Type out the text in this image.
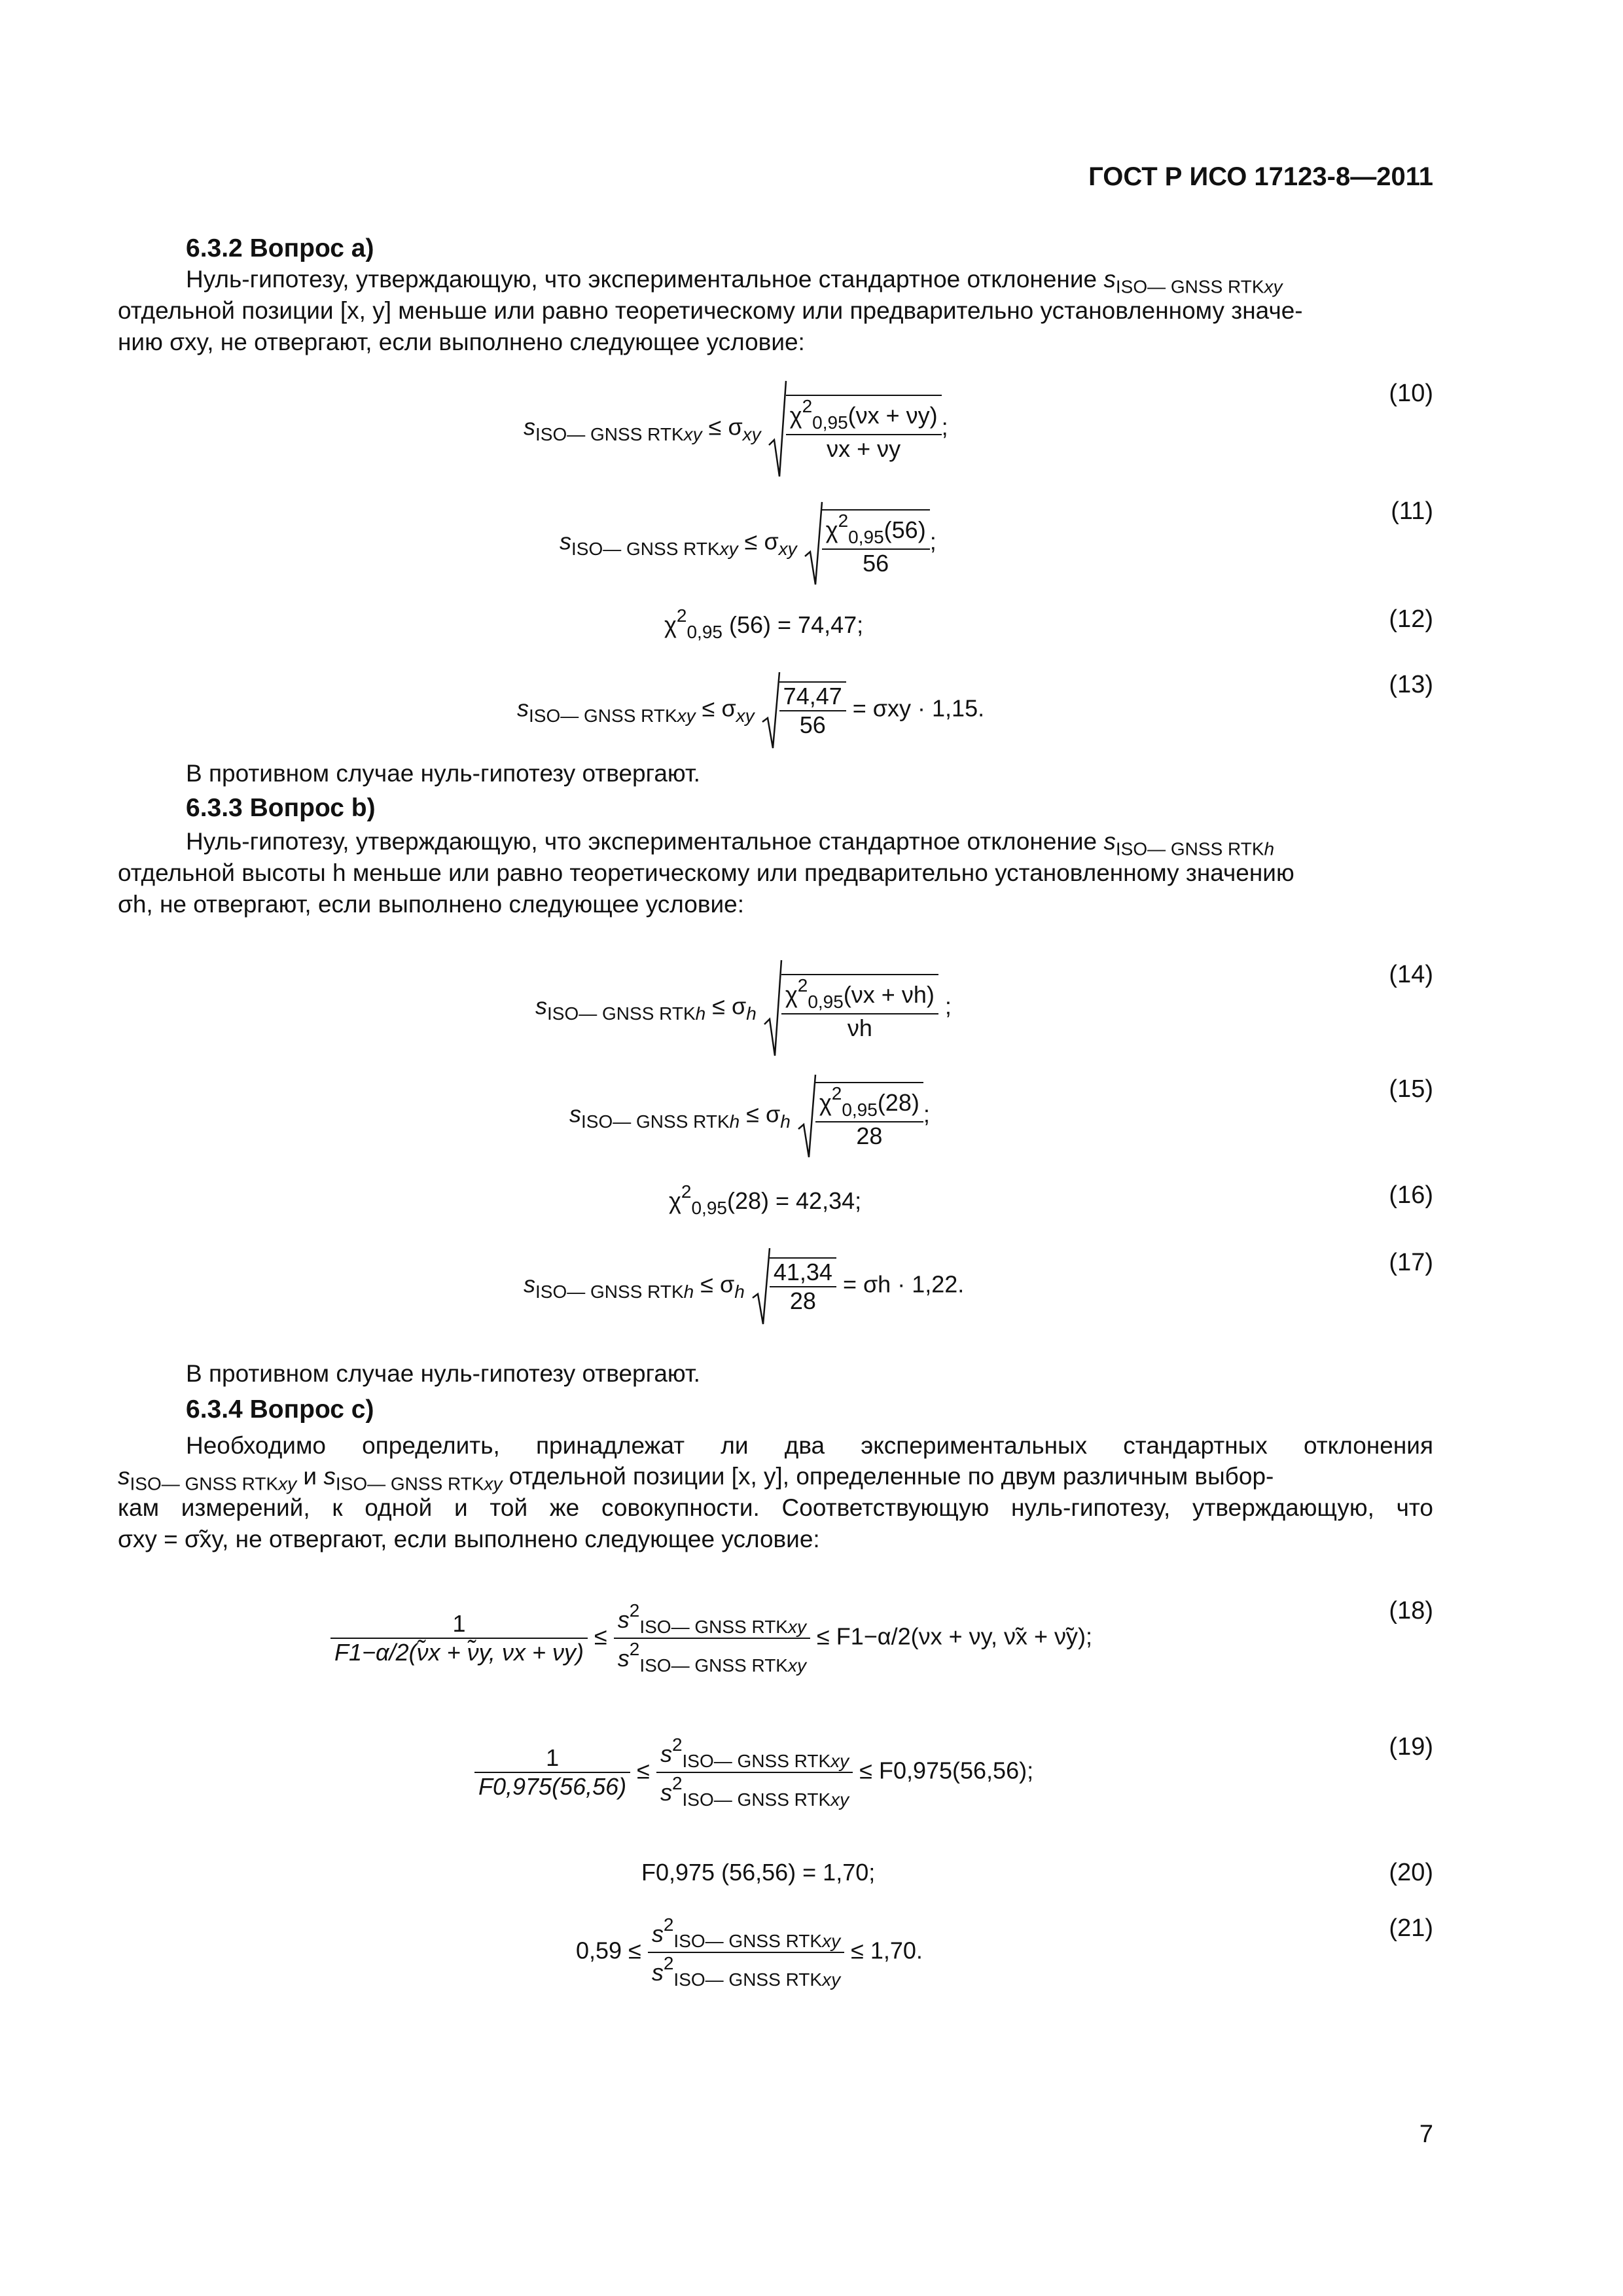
ГОСТ Р ИСО 17123-8—2011
6.3.2 Вопрос а)
Нуль-гипотезу, утверждающую, что экспериментальное стандартное отклонение $s_{ISO— GNSS RTKxy}$
отдельной позиции [x, y] меньше или равно теоретическому или предварительно установленному значе-
нию σxy, не отвергают, если выполнено следующее условие:
$s_{ISO— GNSS RTKxy} \le \sigma_{xy} \frac{\chi^2_{0,95}(\nu x + \nu y)}{\nu x + \nu y}$ ;
(10)
$s_{ISO— GNSS RTKxy} \le \sigma_{xy} \frac{\chi^2_{0,95}(56)}{56}$ ;
(11)
$\chi^2_{0,95}$ (56) = 74,47;	(12)
$s_{ISO— GNSS RTKxy} \le \sigma_{xy} \frac{74,47}{56} = \sigma xy \cdot 1,15$.
(13)
В противном случае нуль-гипотезу отвергают.
6.3.3 Вопрос b)
Нуль-гипотезу, утверждающую, что экспериментальное стандартное отклонение $s_{ISO— GNSS RTKh}$
отдельной высоты h меньше или равно теоретическому или предварительно установленному значению
σh, не отвергают, если выполнено следующее условие:
$s_{ISO— GNSS RTKh} \le \sigma_h \frac{\chi^2_{0,95}(\nu x + \nu h)}{\nu h}$ ;
(14)
$s_{ISO— GNSS RTKh} \le \sigma_h \frac{\chi^2_{0,95}(28)}{28}$ ;
(15)
$\chi^2_{0,95}(28) = 42,34$;	(16)
$s_{ISO— GNSS RTKh} \le \sigma_h \frac{41,34}{28} = \sigma h \cdot 1,22$.
(17)
В противном случае нуль-гипотезу отвергают.
6.3.4 Вопрос с)
Необходимо определить, принадлежат ли два экспериментальных стандартных отклонения
$s_{ISO— GNSS RTKxy}$ и $s_{ISO— GNSS RTKxy}$ отдельной позиции [x, y], определенные по двум различным выбор-
кам измерений, к одной и той же совокупности. Соответствующую нуль-гипотезу, утверждающую, что
σxy = σ̃xy, не отвергают, если выполнено следующее условие:
$\frac{1}{F1-\alpha/2(\nũx + \nũy, \nu x + \nu y)} \le \frac{s^2_{ISO— GNSS RTKxy}}{s^2_{ISO— GNSS RTKxy}} \le F1-\alpha/2(\nu x + \nu y$, ν̃x + ν̃y);
(18)
$\frac{1}{F0,975(56,56)} \le \frac{s^2_{ISO— GNSS RTKxy}}{s^2_{ISO— GNSS RTKxy}} \le F0,975(56,56)$;
(19)
F0,975 (56,56) = 1,70;	(20)
$0,59 \le \frac{s^2_{ISO— GNSS RTKxy}}{s^2_{ISO— GNSS RTKxy}} \le 1,70$.
(21)
7
